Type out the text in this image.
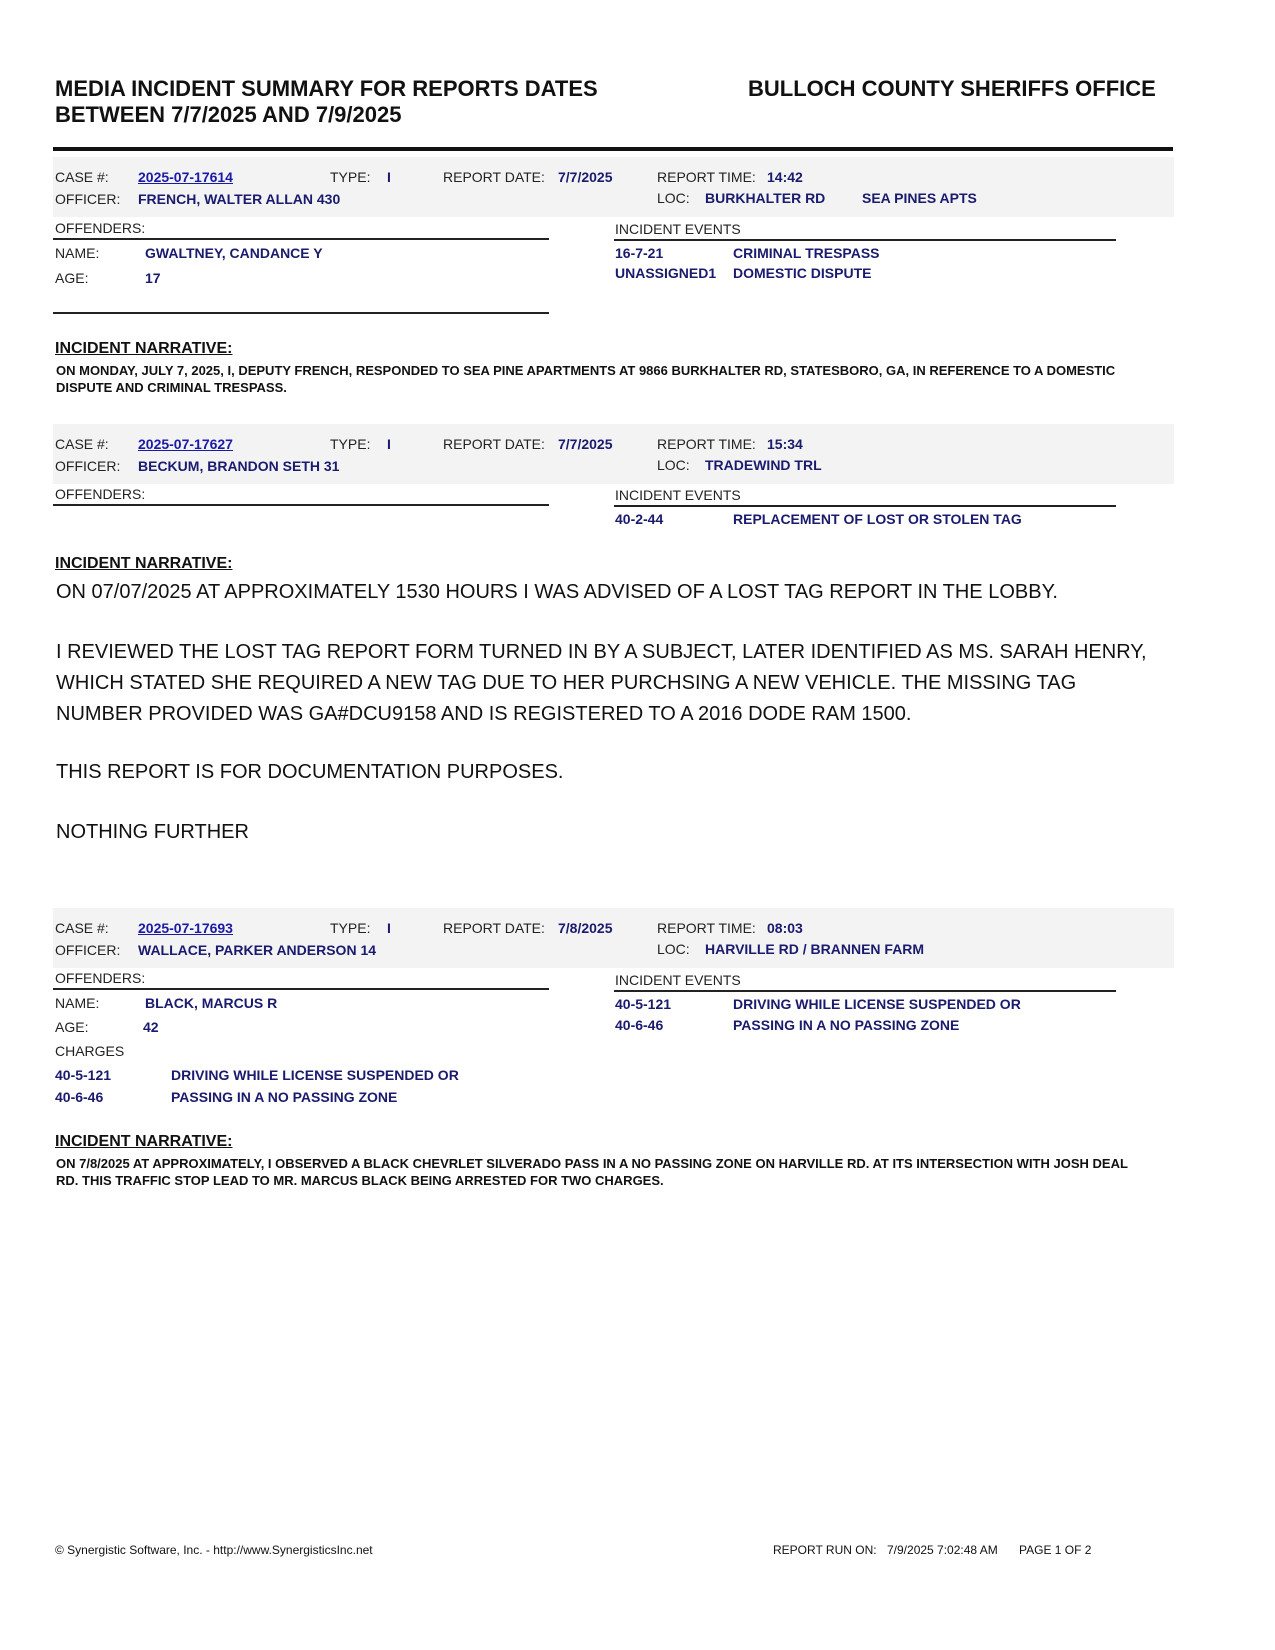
MEDIA INCIDENT SUMMARY FOR REPORTS DATES
BETWEEN 7/7/2025 AND 7/9/2025
BULLOCH COUNTY SHERIFFS OFFICE
CASE #: 2025-07-17614	TYPE: I	REPORT DATE: 7/7/2025	REPORT TIME: 14:42
OFFICER: FRENCH, WALTER ALLAN 430	LOC: BURKHALTER RD	SEA PINES APTS
OFFENDERS:
NAME:	GWALTNEY, CANDANCE Y
AGE:	17
INCIDENT EVENTS
16-7-21	CRIMINAL TRESPASS
UNASSIGNED1 DOMESTIC DISPUTE
INCIDENT NARRATIVE:
ON MONDAY, JULY 7, 2025, I, DEPUTY FRENCH, RESPONDED TO SEA PINE APARTMENTS AT 9866 BURKHALTER RD, STATESBORO, GA, IN REFERENCE TO A DOMESTIC DISPUTE AND CRIMINAL TRESPASS.
CASE #: 2025-07-17627	TYPE: I	REPORT DATE: 7/7/2025	REPORT TIME: 15:34
OFFICER: BECKUM, BRANDON SETH 31	LOC: TRADEWIND TRL
OFFENDERS:	INCIDENT EVENTS
40-2-44	REPLACEMENT OF LOST OR STOLEN TAG
INCIDENT NARRATIVE:
ON 07/07/2025 AT APPROXIMATELY 1530 HOURS I WAS ADVISED OF A LOST TAG REPORT IN THE LOBBY.
I REVIEWED THE LOST TAG REPORT FORM TURNED IN BY A SUBJECT, LATER IDENTIFIED AS MS. SARAH HENRY, WHICH STATED SHE REQUIRED A NEW TAG DUE TO HER PURCHSING A NEW VEHICLE. THE MISSING TAG NUMBER PROVIDED WAS GA#DCU9158 AND IS REGISTERED TO A 2016 DODE RAM 1500.
THIS REPORT IS FOR DOCUMENTATION PURPOSES.
NOTHING FURTHER
CASE #: 2025-07-17693	TYPE: I	REPORT DATE: 7/8/2025	REPORT TIME: 08:03
OFFICER: WALLACE, PARKER ANDERSON 14	LOC: HARVILLE RD / BRANNEN FARM
OFFENDERS:
NAME:	BLACK, MARCUS R
AGE:	42
CHARGES
40-5-121	DRIVING WHILE LICENSE SUSPENDED OR
40-6-46	PASSING IN A NO PASSING ZONE
INCIDENT EVENTS
40-5-121	DRIVING WHILE LICENSE SUSPENDED OR
40-6-46	PASSING IN A NO PASSING ZONE
INCIDENT NARRATIVE:
ON 7/8/2025 AT APPROXIMATELY, I OBSERVED A BLACK CHEVRLET SILVERADO PASS IN A NO PASSING ZONE ON HARVILLE RD. AT ITS INTERSECTION WITH JOSH DEAL RD. THIS TRAFFIC STOP LEAD TO MR. MARCUS BLACK BEING ARRESTED FOR TWO CHARGES.
© Synergistic Software, Inc. - http://www.SynergisticsInc.net	REPORT RUN ON: 7/9/2025 7:02:48 AM PAGE 1 OF 2
